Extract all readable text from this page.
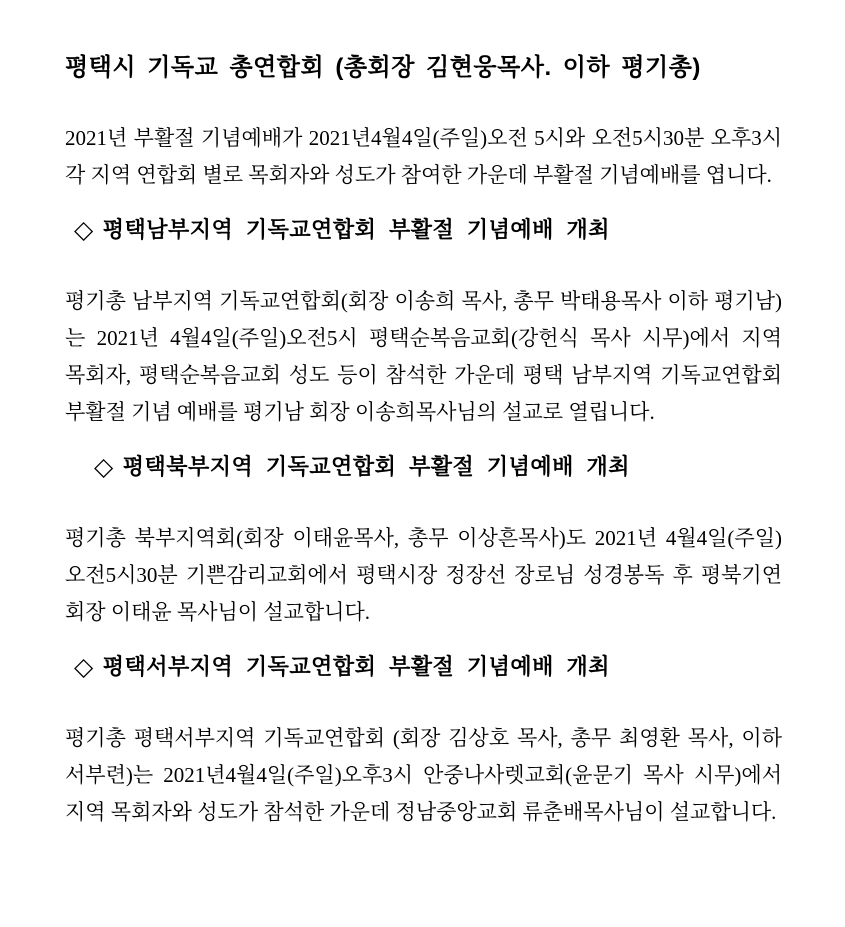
평택시 기독교 총연합회 (총회장 김현웅목사. 이하 평기총)

2021년 부활절 기념예배가 2021년4월4일(주일)오전 5시와 오전5시30분 오후3시 각 지역 연합회 별로 목회자와 성도가 참여한 가운데 부활절 기념예배를 엽니다.

◇ 평택남부지역 기독교연합회 부활절 기념예배 개최

평기총 남부지역 기독교연합회(회장 이송희 목사, 총무 박태용목사 이하 평기남)는 2021년 4월4일(주일)오전5시 평택순복음교회(강헌식 목사 시무)에서 지역 목회자, 평택순복음교회 성도 등이 참석한 가운데 평택 남부지역 기독교연합회 부활절 기념 예배를 평기남 회장 이송희목사님의 설교로 열립니다.

◇ 평택북부지역 기독교연합회 부활절 기념예배 개최

평기총 북부지역회(회장 이태윤목사, 총무 이상흔목사)도 2021년 4월4일(주일) 오전5시30분 기쁜감리교회에서 평택시장 정장선 장로님 성경봉독 후 평북기연 회장 이태윤 목사님이 설교합니다.

◇ 평택서부지역 기독교연합회 부활절 기념예배 개최

평기총 평택서부지역 기독교연합회 (회장 김상호 목사, 총무 최영환 목사, 이하 서부련)는 2021년4월4일(주일)오후3시 안중나사렛교회(윤문기 목사 시무)에서 지역 목회자와 성도가 참석한 가운데 정남중앙교회 류춘배목사님이 설교합니다.
